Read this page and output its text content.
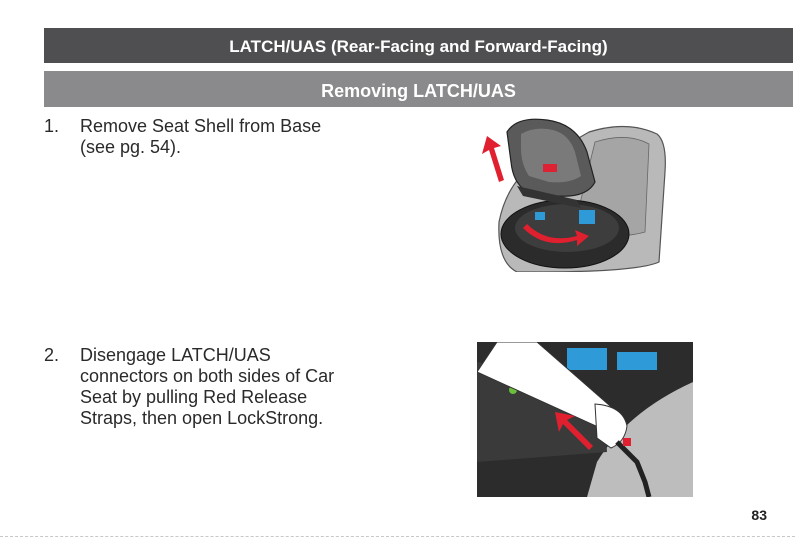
LATCH/UAS (Rear-Facing and Forward-Facing)
Removing LATCH/UAS
1. Remove Seat Shell from Base
(see pg. 54).
2. Disengage LATCH/UAS
connectors on both sides of Car
Seat by pulling Red Release
Straps, then open LockStrong.
83
